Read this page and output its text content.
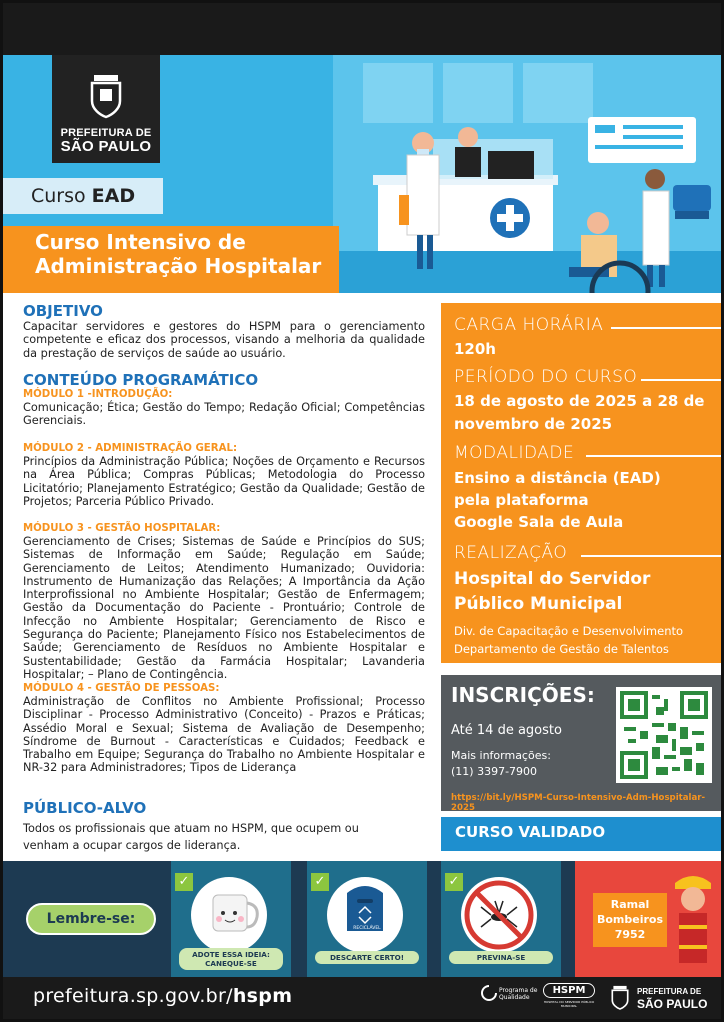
PREFEITURA DE
SÃO PAULO
Curso EAD
Curso Intensivo de
Administração Hospitalar
OBJETIVO
Capacitar servidores e gestores do HSPM para o gerenciamento competente e eficaz dos processos, visando a melhoria da qualidade da prestação de serviços de saúde ao usuário.
CONTEÚDO PROGRAMÁTICO
MÓDULO 1 -INTRODUÇÃO:
Comunicação; Ética; Gestão do Tempo; Redação Oficial; Competências Gerenciais.
MÓDULO 2 - ADMINISTRAÇÃO GERAL:
Princípios da Administração Pública; Noções de Orçamento e Recursos na Área Pública; Compras Públicas; Metodologia do Processo Licitatório; Planejamento Estratégico; Gestão da Qualidade; Gestão de Projetos; Parceria Público Privado.
MÓDULO 3 - GESTÃO HOSPITALAR:
Gerenciamento de Crises; Sistemas de Saúde e Princípios do SUS; Sistemas de Informação em Saúde; Regulação em Saúde; Gerenciamento de Leitos; Atendimento Humanizado; Ouvidoria: Instrumento de Humanização das Relações; A Importância da Ação Interprofissional no Ambiente Hospitalar; Gestão de Enfermagem; Gestão da Documentação do Paciente - Prontuário; Controle de Infecção no Ambiente Hospitalar; Gerenciamento de Risco e Segurança do Paciente; Planejamento Físico nos Estabelecimentos de Saúde; Gerenciamento de Resíduos no Ambiente Hospitalar e Sustentabilidade; Gestão da Farmácia Hospitalar; Lavanderia Hospitalar; – Plano de Contingência.
MÓDULO 4 - GESTÃO DE PESSOAS:
Administração de Conflitos no Ambiente Profissional; Processo Disciplinar - Processo Administrativo (Conceito) - Prazos e Práticas; Assédio Moral e Sexual; Sistema de Avaliação de Desempenho; Síndrome de Burnout - Características e Cuidados; Feedback e Trabalho em Equipe; Segurança do Trabalho no Ambiente Hospitalar e NR-32 para Administradores; Tipos de Liderança
PÚBLICO-ALVO
Todos os profissionais que atuam no HSPM, que ocupem ou venham a ocupar cargos de liderança.
CARGA HORÁRIA
120h
PERÍODO DO CURSO
18 de agosto de 2025 a 28 de
novembro de 2025
MODALIDADE
Ensino a distância (EAD)
pela plataforma
Google Sala de Aula
REALIZAÇÃO
Hospital do Servidor
Público Municipal
Div. de Capacitação e Desenvolvimento
Departamento de Gestão de Talentos
INSCRIÇÕES:
Até 14 de agosto
Mais informações:
(11) 3397-7900
https://bit.ly/HSPM-Curso-Intensivo-Adm-Hospitalar-2025
CURSO VALIDADO
Lembre-se:
✓
ADOTE ESSA IDEIA:
CANEQUE-SE
✓
RECICLÁVEL
DESCARTE CERTO!
✓
PREVINA-SE
Ramal
Bombeiros
7952
prefeitura.sp.gov.br/hspm	Programa de
Qualidade
HSPM
HOSPITAL DO SERVIDOR PÚBLICO MUNICIPAL
PREFEITURA DE
SÃO PAULO
